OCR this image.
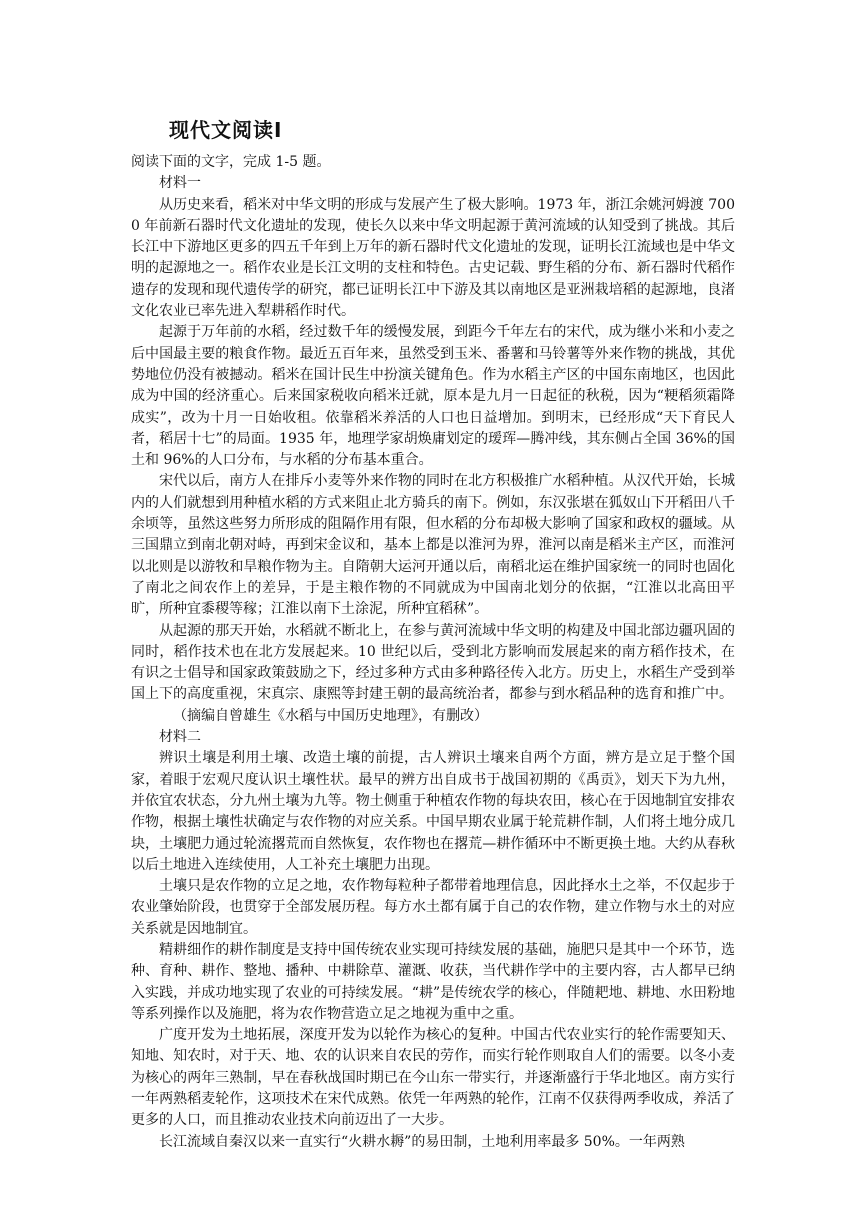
现代文阅读Ⅰ

阅读下面的文字，完成 1-5 题。

材料一

从历史来看，稻米对中华文明的形成与发展产生了极大影响。1973 年，浙江余姚河姆渡 7000 年前新石器时代文化遗址的发现，使长久以来中华文明起源于黄河流域的认知受到了挑战。其后长江中下游地区更多的四五千年到上万年的新石器时代文化遗址的发现，证明长江流域也是中华文明的起源地之一。稻作农业是长江文明的支柱和特色。古史记载、野生稻的分布、新石器时代稻作遗存的发现和现代遗传学的研究，都已证明长江中下游及其以南地区是亚洲栽培稻的起源地，良渚文化农业已率先进入犁耕稻作时代。

起源于万年前的水稻，经过数千年的缓慢发展，到距今千年左右的宋代，成为继小米和小麦之后中国最主要的粮食作物。最近五百年来，虽然受到玉米、番薯和马铃薯等外来作物的挑战，其优势地位仍没有被撼动。稻米在国计民生中扮演关键角色。作为水稻主产区的中国东南地区，也因此成为中国的经济重心。后来国家税收向稻米迁就，原本是九月一日起征的秋税，因为“粳稻须霜降成实”，改为十月一日始收租。依靠稻米养活的人口也日益增加。到明末，已经形成“天下育民人者，稻居十七”的局面。1935 年，地理学家胡焕庸划定的瑷珲—腾冲线，其东侧占全国 36%的国土和 96%的人口分布，与水稻的分布基本重合。

宋代以后，南方人在排斥小麦等外来作物的同时在北方积极推广水稻种植。从汉代开始，长城内的人们就想到用种植水稻的方式来阻止北方骑兵的南下。例如，东汉张堪在狐奴山下开稻田八千余顷等，虽然这些努力所形成的阻隔作用有限，但水稻的分布却极大影响了国家和政权的疆域。从三国鼎立到南北朝对峙，再到宋金议和，基本上都是以淮河为界，淮河以南是稻米主产区，而淮河以北则是以游牧和旱粮作物为主。自隋朝大运河开通以后，南稻北运在维护国家统一的同时也固化了南北之间农作上的差异，于是主粮作物的不同就成为中国南北划分的依据，“江淮以北高田平旷，所种宜黍稷等稼；江淮以南下土涂泥，所种宜稻秫”。

从起源的那天开始，水稻就不断北上，在参与黄河流域中华文明的构建及中国北部边疆巩固的同时，稻作技术也在北方发展起来。10 世纪以后，受到北方影响而发展起来的南方稻作技术，在有识之士倡导和国家政策鼓励之下，经过多种方式由多种路径传入北方。历史上，水稻生产受到举国上下的高度重视，宋真宗、康熙等封建王朝的最高统治者，都参与到水稻品种的选育和推广中。

（摘编自曾雄生《水稻与中国历史地理》，有删改）

材料二

辨识土壤是利用土壤、改造土壤的前提，古人辨识土壤来自两个方面，辨方是立足于整个国家，着眼于宏观尺度认识土壤性状。最早的辨方出自成书于战国初期的《禹贡》，划天下为九州，并依宜农状态，分九州土壤为九等。物土侧重于种植农作物的每块农田，核心在于因地制宜安排农作物，根据土壤性状确定与农作物的对应关系。中国早期农业属于轮荒耕作制，人们将土地分成几块，土壤肥力通过轮流撂荒而自然恢复，农作物也在撂荒—耕作循环中不断更换土地。大约从春秋以后土地进入连续使用，人工补充土壤肥力出现。

土壤只是农作物的立足之地，农作物每粒种子都带着地理信息，因此择水土之举，不仅起步于农业肇始阶段，也贯穿于全部发展历程。每方水土都有属于自己的农作物，建立作物与水土的对应关系就是因地制宜。

精耕细作的耕作制度是支持中国传统农业实现可持续发展的基础，施肥只是其中一个环节，选种、育种、耕作、整地、播种、中耕除草、灌溉、收获，当代耕作学中的主要内容，古人都早已纳入实践，并成功地实现了农业的可持续发展。“耕”是传统农学的核心，伴随耙地、耕地、水田粉地等系列操作以及施肥，将为农作物营造立足之地视为重中之重。

广度开发为土地拓展，深度开发为以轮作为核心的复种。中国古代农业实行的轮作需要知天、知地、知农时，对于天、地、农的认识来自农民的劳作，而实行轮作则取自人们的需要。以冬小麦为核心的两年三熟制，早在春秋战国时期已在今山东一带实行，并逐渐盛行于华北地区。南方实行一年两熟稻麦轮作，这项技术在宋代成熟。依凭一年两熟的轮作，江南不仅获得两季收成，养活了更多的人口，而且推动农业技术向前迈出了一大步。

长江流域自秦汉以来一直实行“火耕水耨”的易田制，土地利用率最多 50%。一年两熟
